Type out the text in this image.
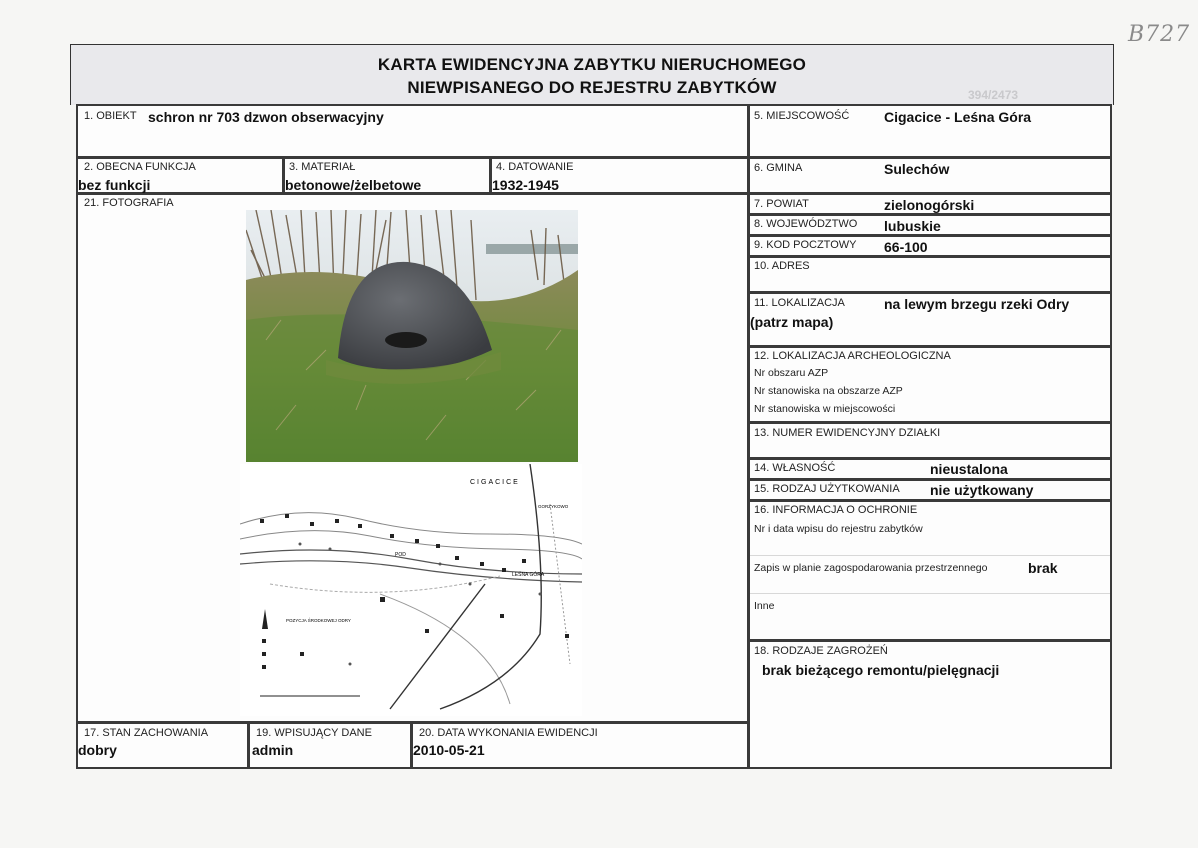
B727
KARTA EWIDENCYJNA ZABYTKU NIERUCHOMEGO
NIEWPISANEGO DO REJESTRU ZABYTKÓW	394/2473
1. OBIEKT schron nr 703 dzwon obserwacyjny	5. MIEJSCOWOŚĆ Cigacice - Leśna Góra
2. OBECNA FUNKCJA
bez funkcji
3. MATERIAŁ
betonowe/żelbetowe
4. DATOWANIE
1932-1945
6. GMINA	Sulechów
21. FOTOGRAFIA
CIGACICE
POD
LEŚNA GÓRA
GORZYKOWO
POZYCJA ŚRODKOWEJ ODRY
7. POWIAT	zielonogórski
8. WOJEWÓDZTWO lubuskie
9. KOD POCZTOWY 66-100
10. ADRES
11. LOKALIZACJA	na lewym brzegu rzeki Odry
(patrz mapa)
12. LOKALIZACJA ARCHEOLOGICZNA
Nr obszaru AZP
Nr stanowiska na obszarze AZP
Nr stanowiska w miejscowości
13. NUMER EWIDENCYJNY DZIAŁKI
14. WŁASNOŚĆ	nieustalona
15. RODZAJ UŻYTKOWANIA nie użytkowany
16. INFORMACJA O OCHRONIE
Nr i data wpisu do rejestru zabytków
Zapis w planie zagospodarowania przestrzennego	brak
Inne
18. RODZAJE ZAGROŻEŃ
brak bieżącego remontu/pielęgnacji
17. STAN ZACHOWANIA
dobry
19. WPISUJĄCY DANE
admin
20. DATA WYKONANIA EWIDENCJI
2010-05-21
